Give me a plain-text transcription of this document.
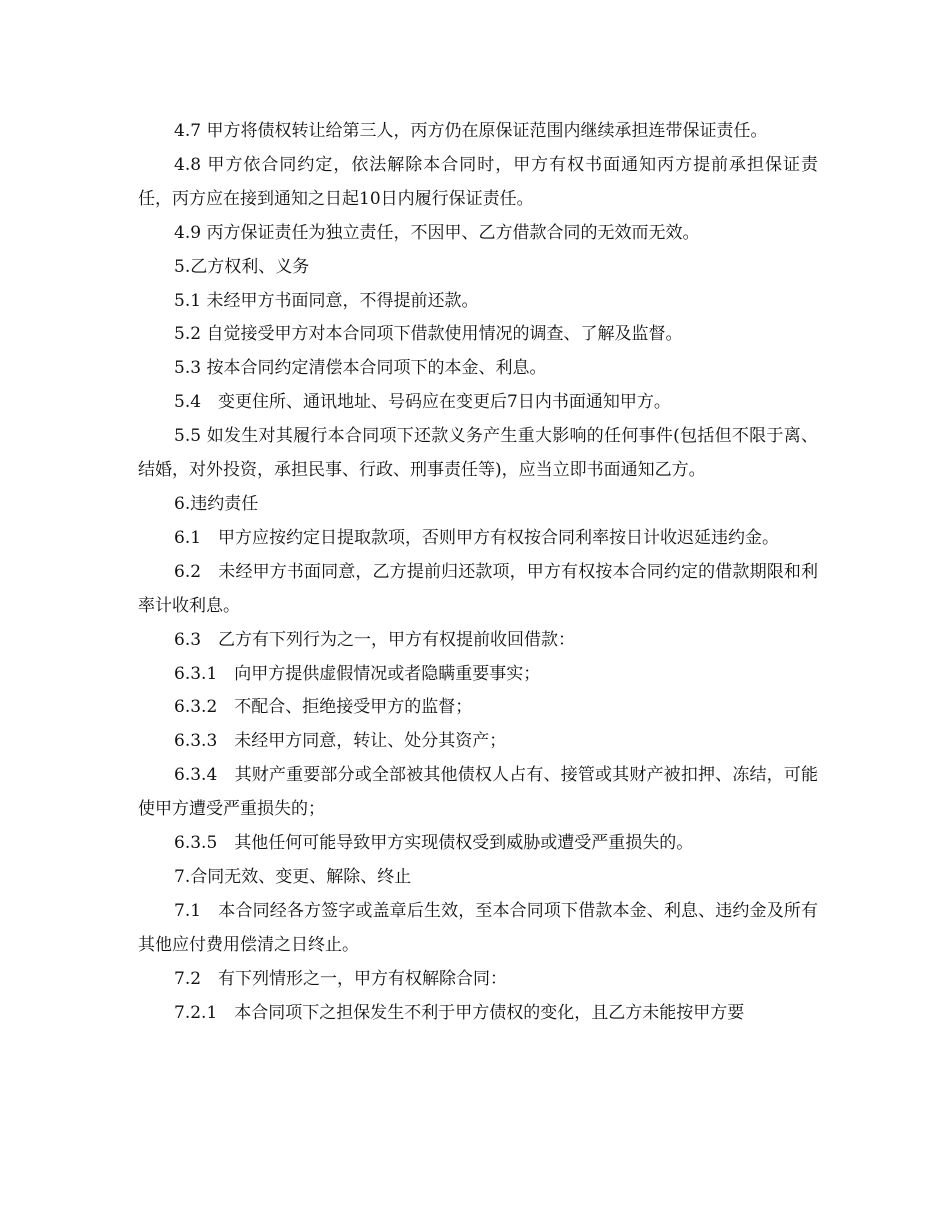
4.7 甲方将债权转让给第三人，丙方仍在原保证范围内继续承担连带保证责任。

4.8 甲方依合同约定，依法解除本合同时，甲方有权书面通知丙方提前承担保证责任，丙方应在接到通知之日起10日内履行保证责任。

4.9 丙方保证责任为独立责任，不因甲、乙方借款合同的无效而无效。

5.乙方权利、义务

5.1 未经甲方书面同意，不得提前还款。

5.2 自觉接受甲方对本合同项下借款使用情况的调查、了解及监督。

5.3 按本合同约定清偿本合同项下的本金、利息。

5.4　变更住所、通讯地址、号码应在变更后7日内书面通知甲方。

5.5 如发生对其履行本合同项下还款义务产生重大影响的任何事件(包括但不限于离、结婚，对外投资，承担民事、行政、刑事责任等)，应当立即书面通知乙方。

6.违约责任

6.1　甲方应按约定日提取款项，否则甲方有权按合同利率按日计收迟延违约金。

6.2　未经甲方书面同意，乙方提前归还款项，甲方有权按本合同约定的借款期限和利率计收利息。

6.3　乙方有下列行为之一，甲方有权提前收回借款：

6.3.1　向甲方提供虚假情况或者隐瞒重要事实；

6.3.2　不配合、拒绝接受甲方的监督；

6.3.3　未经甲方同意，转让、处分其资产；

6.3.4　其财产重要部分或全部被其他债权人占有、接管或其财产被扣押、冻结，可能使甲方遭受严重损失的；

6.3.5　其他任何可能导致甲方实现债权受到威胁或遭受严重损失的。

7.合同无效、变更、解除、终止

7.1　本合同经各方签字或盖章后生效，至本合同项下借款本金、利息、违约金及所有其他应付费用偿清之日终止。

7.2　有下列情形之一，甲方有权解除合同：

7.2.1　本合同项下之担保发生不利于甲方债权的变化，且乙方未能按甲方要
